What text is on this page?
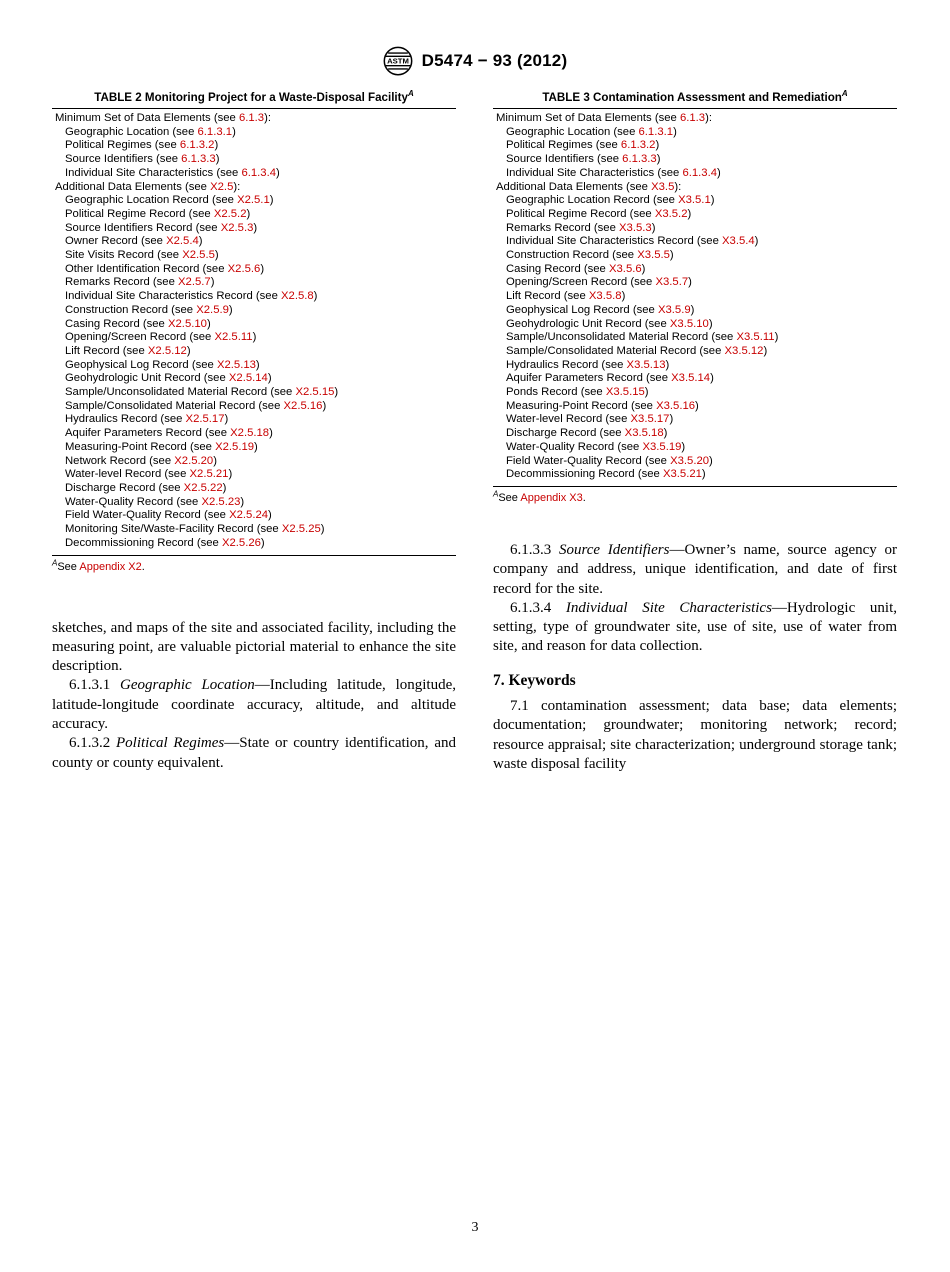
ASTM D5474 − 93 (2012)
TABLE 2 Monitoring Project for a Waste-Disposal Facility$^A$
Minimum Set of Data Elements (see 6.1.3):
Geographic Location (see 6.1.3.1)
Political Regimes (see 6.1.3.2)
Source Identifiers (see 6.1.3.3)
Individual Site Characteristics (see 6.1.3.4)
Additional Data Elements (see X2.5):
Geographic Location Record (see X2.5.1)
Political Regime Record (see X2.5.2)
Source Identifiers Record (see X2.5.3)
Owner Record (see X2.5.4)
Site Visits Record (see X2.5.5)
Other Identification Record (see X2.5.6)
Remarks Record (see X2.5.7)
Individual Site Characteristics Record (see X2.5.8)
Construction Record (see X2.5.9)
Casing Record (see X2.5.10)
Opening/Screen Record (see X2.5.11)
Lift Record (see X2.5.12)
Geophysical Log Record (see X2.5.13)
Geohydrologic Unit Record (see X2.5.14)
Sample/Unconsolidated Material Record (see X2.5.15)
Sample/Consolidated Material Record (see X2.5.16)
Hydraulics Record (see X2.5.17)
Aquifer Parameters Record (see X2.5.18)
Measuring-Point Record (see X2.5.19)
Network Record (see X2.5.20)
Water-level Record (see X2.5.21)
Discharge Record (see X2.5.22)
Water-Quality Record (see X2.5.23)
Field Water-Quality Record (see X2.5.24)
Monitoring Site/Waste-Facility Record (see X2.5.25)
Decommissioning Record (see X2.5.26)
$^A$See Appendix X2.

sketches, and maps of the site and associated facility, including the measuring point, are valuable pictorial material to enhance the site description.

6.1.3.1 Geographic Location—Including latitude, longitude, latitude-longitude coordinate accuracy, altitude, and altitude accuracy.

6.1.3.2 Political Regimes—State or country identification, and county or county equivalent.

TABLE 3 Contamination Assessment and Remediation$^A$
Minimum Set of Data Elements (see 6.1.3):
Geographic Location (see 6.1.3.1)
Political Regimes (see 6.1.3.2)
Source Identifiers (see 6.1.3.3)
Individual Site Characteristics (see 6.1.3.4)
Additional Data Elements (see X3.5):
Geographic Location Record (see X3.5.1)
Political Regime Record (see X3.5.2)
Remarks Record (see X3.5.3)
Individual Site Characteristics Record (see X3.5.4)
Construction Record (see X3.5.5)
Casing Record (see X3.5.6)
Opening/Screen Record (see X3.5.7)
Lift Record (see X3.5.8)
Geophysical Log Record (see X3.5.9)
Geohydrologic Unit Record (see X3.5.10)
Sample/Unconsolidated Material Record (see X3.5.11)
Sample/Consolidated Material Record (see X3.5.12)
Hydraulics Record (see X3.5.13)
Aquifer Parameters Record (see X3.5.14)
Ponds Record (see X3.5.15)
Measuring-Point Record (see X3.5.16)
Water-level Record (see X3.5.17)
Discharge Record (see X3.5.18)
Water-Quality Record (see X3.5.19)
Field Water-Quality Record (see X3.5.20)
Decommissioning Record (see X3.5.21)
$^A$See Appendix X3.

6.1.3.3 Source Identifiers—Owner’s name, source agency or company and address, unique identification, and date of first record for the site.

6.1.3.4 Individual Site Characteristics—Hydrologic unit, setting, type of groundwater site, use of site, use of water from site, and reason for data collection.

7. Keywords

7.1 contamination assessment; data base; data elements; documentation; groundwater; monitoring network; record; resource appraisal; site characterization; underground storage tank; waste disposal facility

3
